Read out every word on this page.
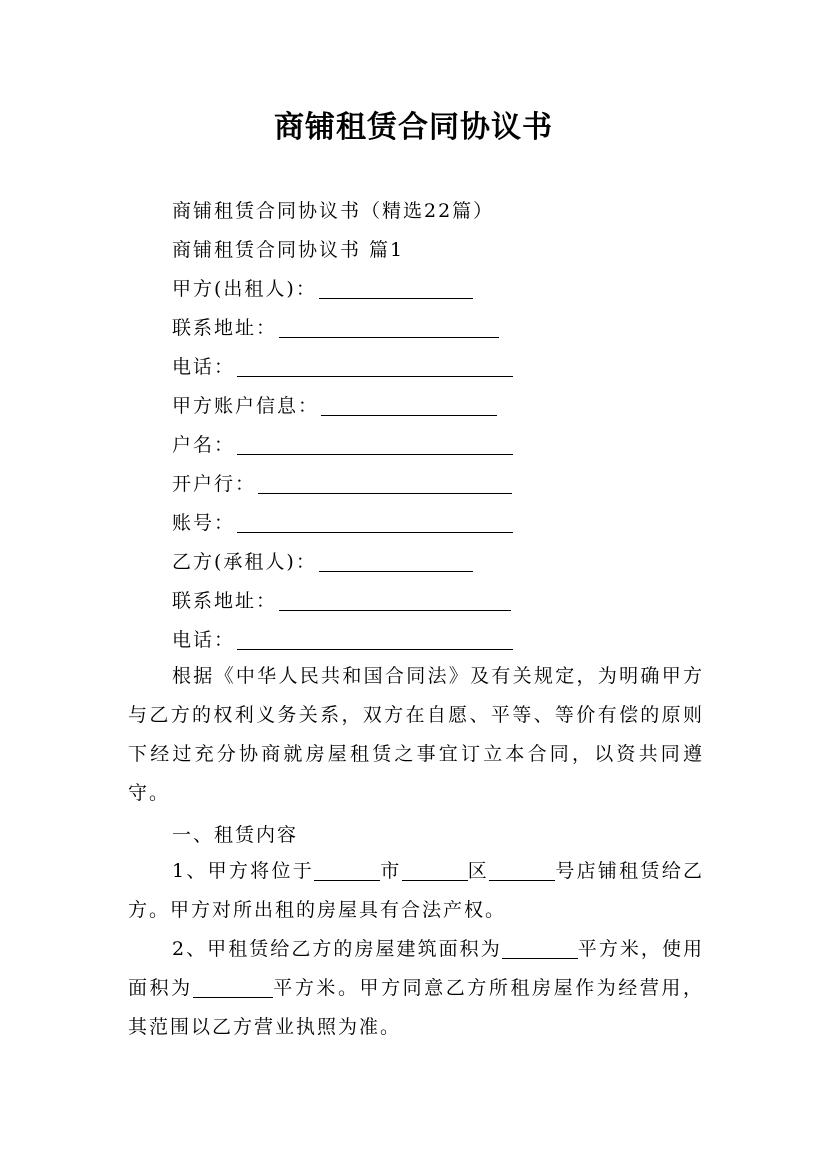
商铺租赁合同协议书
商铺租赁合同协议书（精选22篇）
商铺租赁合同协议书 篇1
甲方(出租人)：
联系地址：
电话：
甲方账户信息：
户名：
开户行：
账号：
乙方(承租人)：
联系地址：
电话：
根据《中华人民共和国合同法》及有关规定，为明确甲方与乙方的权利义务关系，双方在自愿、平等、等价有偿的原则下经过充分协商就房屋租赁之事宜订立本合同，以资共同遵守。
一、租赁内容
1、甲方将位于	市	区	号店铺租赁给乙方。甲方对所出租的房屋具有合法产权。
2、甲租赁给乙方的房屋建筑面积为	平方米，使用面积为	平方米。甲方同意乙方所租房屋作为经营用，其范围以乙方营业执照为准。
